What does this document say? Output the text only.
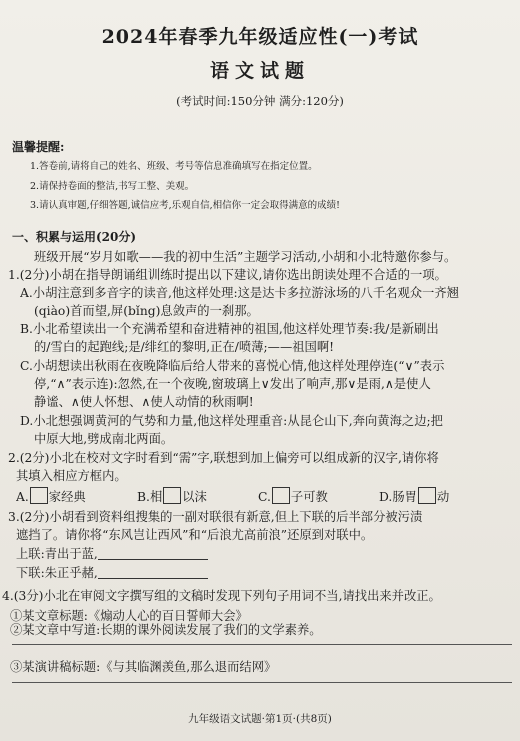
2024年春季九年级适应性(一)考试
语文试题
(考试时间:150分钟 满分:120分)
温馨提醒:
1.答卷前,请将自己的姓名、班级、考号等信息准确填写在指定位置。
2.请保持卷面的整洁,书写工整、美观。
3.请认真审题,仔细答题,诚信应考,乐观自信,相信你一定会取得满意的成绩!
一、积累与运用(20分)
班级开展“岁月如歌——我的初中生活”主题学习活动,小胡和小北特邀你参与。
1.(2分)小胡在指导朗诵组训练时提出以下建议,请你选出朗读处理不合适的一项。
A.小胡注意到多音字的读音,他这样处理:这是达卡多拉游泳场的八千名观众一齐翘
(qiào)首而望,屏(bǐng)息敛声的一刹那。
B.小北希望读出一个充满希望和奋进精神的祖国,他这样处理节奏:我/是新刷出
的/雪白的起跑线;是/绯红的黎明,正在/喷薄;——祖国啊!
C.小胡想读出秋雨在夜晚降临后给人带来的喜悦心情,他这样处理停连(“∨”表示
停,“∧”表示连):忽然,在一个夜晚,窗玻璃上∨发出了响声,那∨是雨,∧是使人
静谧、∧使人怀想、∧使人动情的秋雨啊!
D.小北想强调黄河的气势和力量,他这样处理重音:从昆仑山下,奔向黄海之边;把
中原大地,劈成南北两面。
2.(2分)小北在校对文字时看到“需”字,联想到加上偏旁可以组成新的汉字,请你将
其填入相应方框内。
A. 家经典	B.相 以沫	C. 子可教	D.肠胃 动
3.(2分)小胡看到资料组搜集的一副对联很有新意,但上下联的后半部分被污渍
遮挡了。请你将“东风岂让西风”和“后浪尤高前浪”还原到对联中。
上联:青出于蓝,
下联:朱正乎赭,
4.(3分)小北在审阅文字撰写组的文稿时发现下列句子用词不当,请找出来并改正。
①某文章标题:《煽动人心的百日誓师大会》
②某文章中写道:长期的课外阅读发展了我们的文学素养。
③某演讲稿标题:《与其临渊羡鱼,那么退而结网》
九年级语文试题·第1页·(共8页)
